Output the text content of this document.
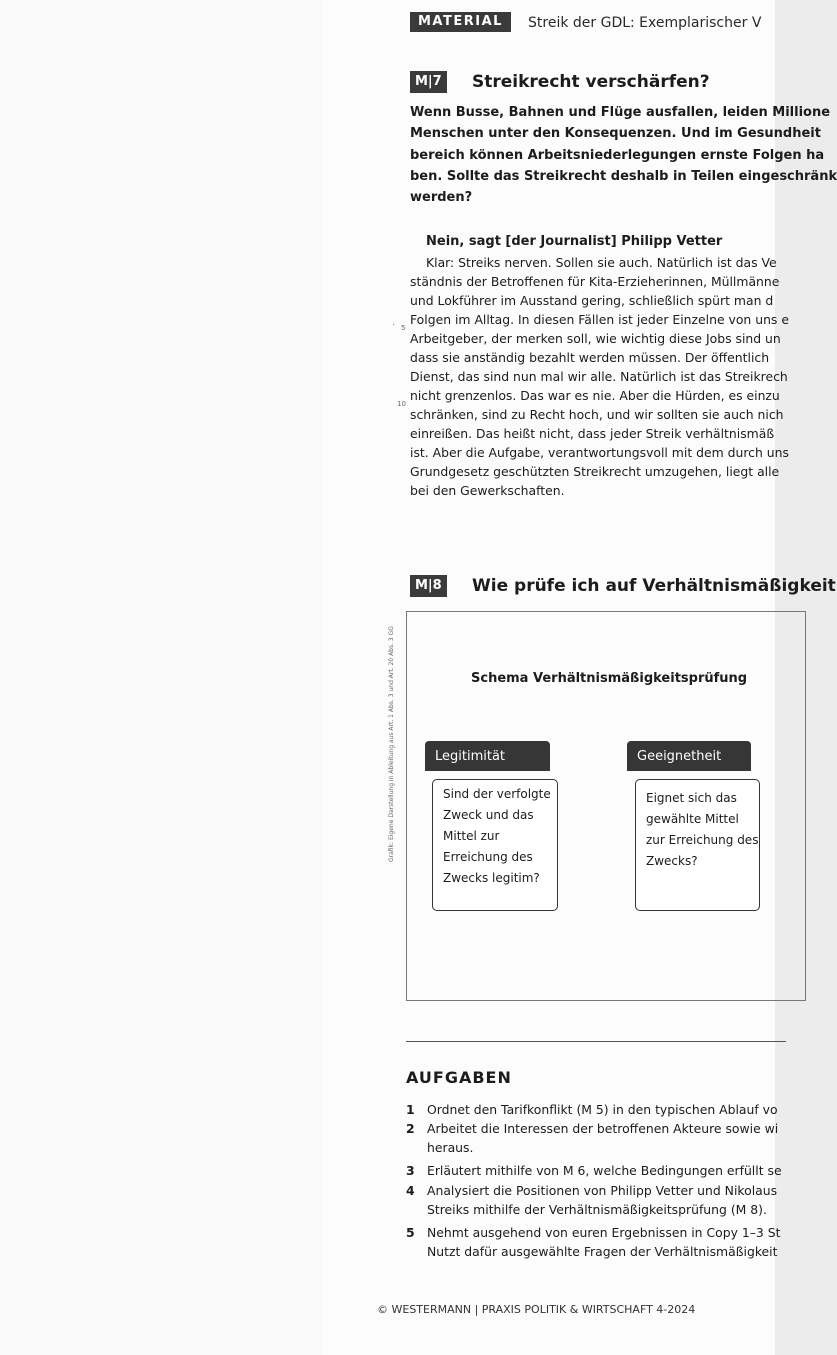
MATERIAL	Streik der GDL: Exemplarischer V
M|7 Streikrecht verschärfen?
Wenn Busse, Bahnen und Flüge ausfallen, leiden Millione
Menschen unter den Konsequenzen. Und im Gesundheit
bereich können Arbeitsniederlegungen ernste Folgen ha
ben. Sollte das Streikrecht deshalb in Teilen eingeschränk
werden?
Nein, sagt [der Journalist] Philipp Vetter
Klar: Streiks nerven. Sollen sie auch. Natürlich ist das Ve
ständnis der Betroffenen für Kita-Erzieherinnen, Müllmänne
und Lokführer im Ausstand gering, schließlich spürt man d
Folgen im Alltag. In diesen Fällen ist jeder Einzelne von uns e
Arbeitgeber, der merken soll, wie wichtig diese Jobs sind un
dass sie anständig bezahlt werden müssen. Der öffentlich
Dienst, das sind nun mal wir alle. Natürlich ist das Streikrech
nicht grenzenlos. Das war es nie. Aber die Hürden, es einzu
schränken, sind zu Recht hoch, und wir sollten sie auch nich
einreißen. Das heißt nicht, dass jeder Streik verhältnismäß
ist. Aber die Aufgabe, verantwortungsvoll mit dem durch uns
Grundgesetz geschützten Streikrecht umzugehen, liegt alle
bei den Gewerkschaften.
· 5
10
M|8 Wie prüfe ich auf Verhältnismäßigkeit
Grafik: Eigene Darstellung in Ableitung aus Art. 1 Abs. 3 und Art. 20 Abs. 3 GG	Schema Verhältnismäßigkeitsprüfung
Legitimität
Sind der verfolgte
Zweck und das
Mittel zur
Erreichung des
Zwecks legitim?
Geeignetheit
Eignet sich das
gewählte Mittel
zur Erreichung des
Zwecks?
AUFGABEN
1 Ordnet den Tarifkonflikt (M 5) in den typischen Ablauf vo
2 Arbeitet die Interessen der betroffenen Akteure sowie wi
heraus.
3 Erläutert mithilfe von M 6, welche Bedingungen erfüllt se
4 Analysiert die Positionen von Philipp Vetter und Nikolaus
Streiks mithilfe der Verhältnismäßigkeitsprüfung (M 8).
5 Nehmt ausgehend von euren Ergebnissen in Copy 1–3 St
Nutzt dafür ausgewählte Fragen der Verhältnismäßigkeit
© WESTERMANN | PRAXIS POLITIK & WIRTSCHAFT 4-2024
